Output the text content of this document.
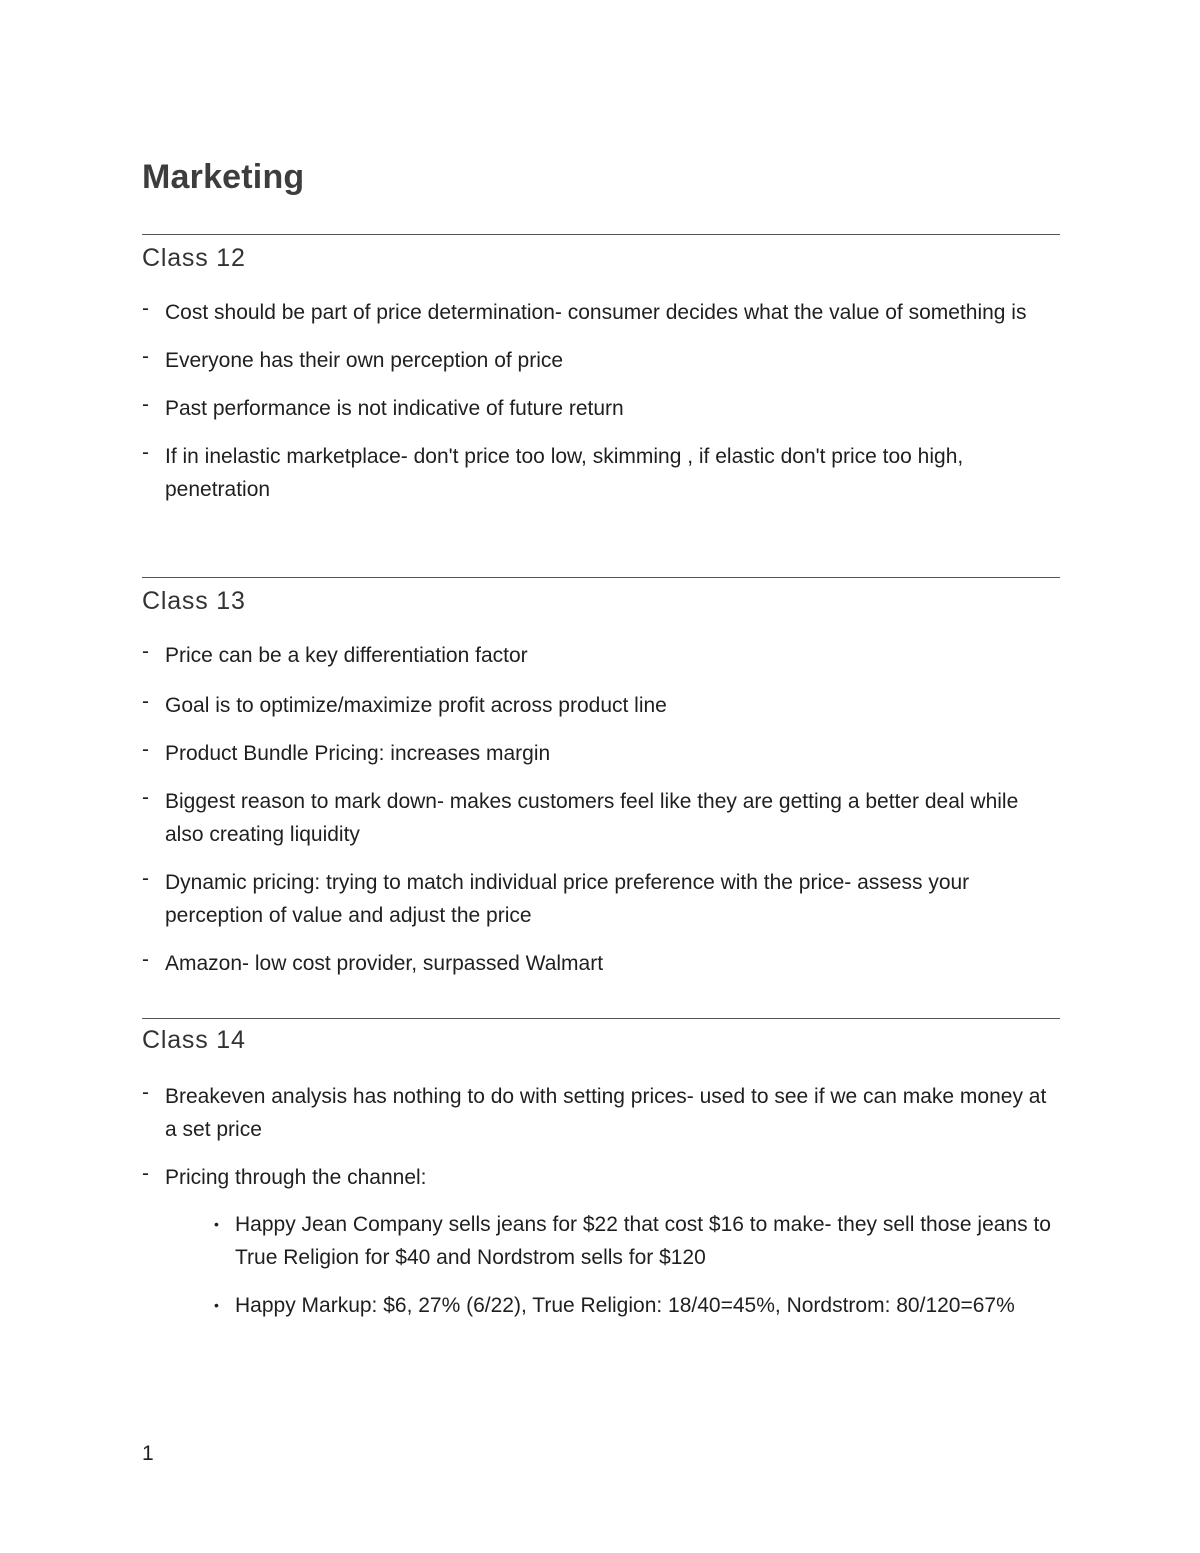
Marketing
Class 12
- Cost should be part of price determination- consumer decides what the value of something is
- Everyone has their own perception of price
- Past performance is not indicative of future return
- If in inelastic marketplace- don't price too low, skimming , if elastic don't price too high, penetration
Class 13
- Price can be a key differentiation factor
- Goal is to optimize/maximize profit across product line
- Product Bundle Pricing: increases margin
- Biggest reason to mark down- makes customers feel like they are getting a better deal while also creating liquidity
- Dynamic pricing: trying to match individual price preference with the price- assess your perception of value and adjust the price
- Amazon- low cost provider, surpassed Walmart
Class 14
- Breakeven analysis has nothing to do with setting prices- used to see if we can make money at a set price
- Pricing through the channel:
• Happy Jean Company sells jeans for $22 that cost $16 to make- they sell those jeans to True Religion for $40 and Nordstrom sells for $120
• Happy Markup: $6, 27% (6/22), True Religion: 18/40=45%, Nordstrom: 80/120=67%
1
